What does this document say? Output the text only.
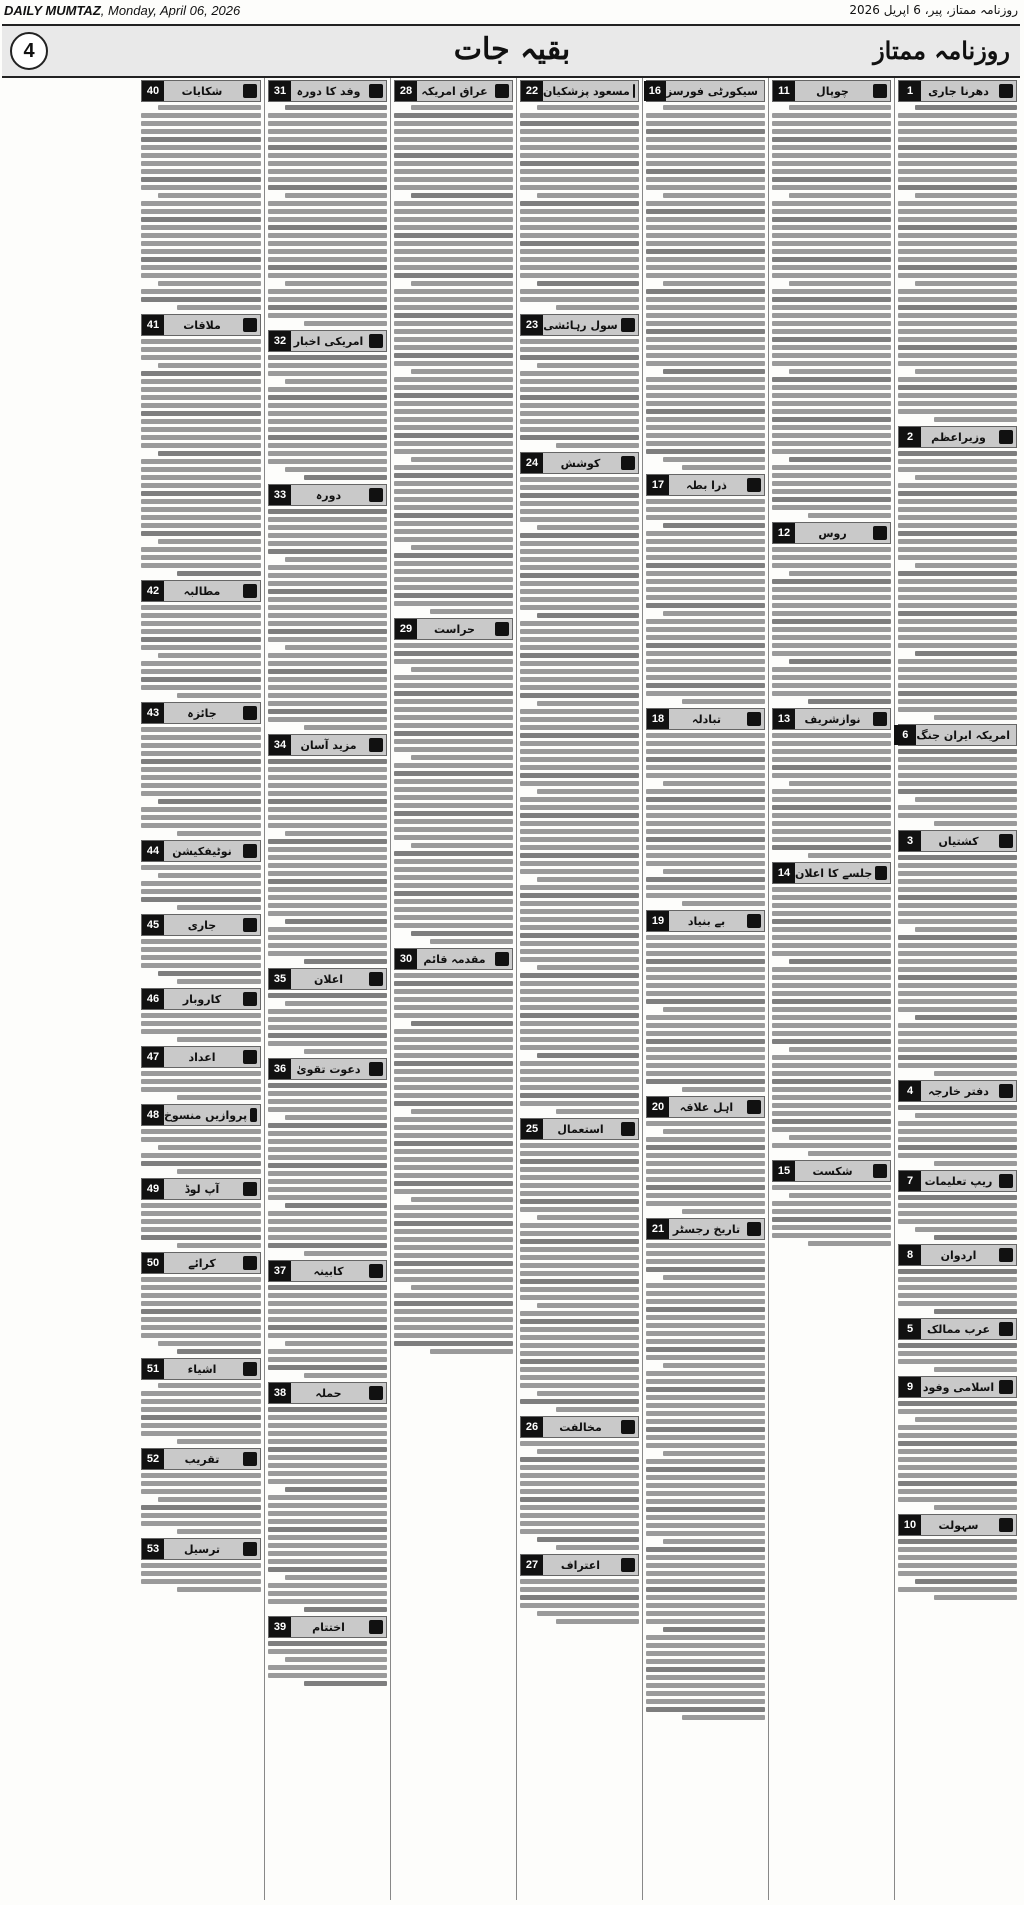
DAILY MUMTAZ, Monday, April 06, 2026	روزنامہ ممتاز، پیر، 6 اپریل 2026
4	بقیہ جات	روزنامہ ممتاز
دھرنا جاری
1
وزیراعظم
2
امریکہ ایران جنگ
6
کشتیاں
3
دفتر خارجہ
4
ریپ تعلیمات
7
اردوان
8
عرب ممالک
5
اسلامی وفود
9
سہولت
10
چوپال
11
روس
12
نوازشریف
13
جلسے کا اعلان
14
شکست
15
سیکورٹی فورسز
16
ذرا بطہ
17
تبادلہ
18
بے بنیاد
19
اہل علاقہ
20
تاریخ رجسٹر
21
مسعود پزشکیان
22
سول رہائشی
23
کوشش
24
استعمال
25
مخالفت
26
اعتراف
27
عراق امریکہ
28
حراست
29
مقدمہ قائم
30
وفد کا دورہ
31
امریکی اخبار
32
دورہ
33
مزید آسان
34
اعلان
35
دعوت تقویٰ
36
کابینہ
37
حملہ
38
اختتام
39
شکایات
40
ملاقات
41
مطالبہ
42
جائزہ
43
نوٹیفکیشن
44
جاری
45
کاروبار
46
اعداد
47
پروازیں منسوخ
48
آپ لوڈ
49
کرائے
50
اشیاء
51
تقریب
52
ترسیل
53
